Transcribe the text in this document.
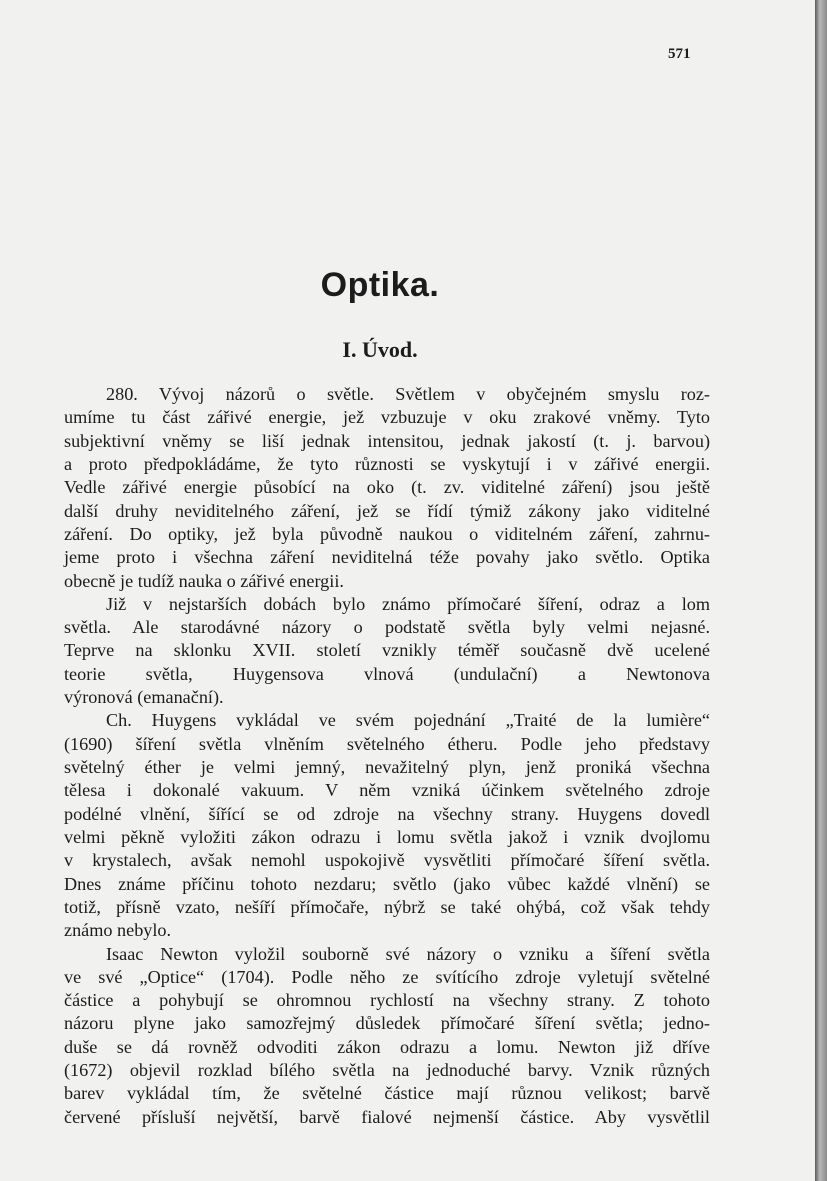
571
Optika.
I. Úvod.
280. Vývoj názorů o světle. Světlem v obyčejném smyslu roz-
umíme tu část zářivé energie, jež vzbuzuje v oku zrakové vněmy. Tyto
subjektivní vněmy se liší jednak intensitou, jednak jakostí (t. j. barvou)
a proto předpokládáme, že tyto různosti se vyskytují i v zářivé energii.
Vedle zářivé energie působící na oko (t. zv. viditelné záření) jsou ještě
další druhy neviditelného záření, jež se řídí týmiž zákony jako viditelné
záření. Do optiky, jež byla původně naukou o viditelném záření, zahrnu-
jeme proto i všechna záření neviditelná téže povahy jako světlo. Optika
obecně je tudíž nauka o zářivé energii.
Již v nejstarších dobách bylo známo přímočaré šíření, odraz a lom
světla. Ale starodávné názory o podstatě světla byly velmi nejasné.
Teprve na sklonku XVII. století vznikly téměř současně dvě ucelené
teorie světla, Huygensova vlnová (undulační) a Newtonova
výronová (emanační).
Ch. Huygens vykládal ve svém pojednání „Traité de la lumière“
(1690) šíření světla vlněním světelného étheru. Podle jeho představy
světelný éther je velmi jemný, nevažitelný plyn, jenž proniká všechna
tělesa i dokonalé vakuum. V něm vzniká účinkem světelného zdroje
podélné vlnění, šířící se od zdroje na všechny strany. Huygens dovedl
velmi pěkně vyložiti zákon odrazu i lomu světla jakož i vznik dvojlomu
v krystalech, avšak nemohl uspokojivě vysvětliti přímočaré šíření světla.
Dnes známe příčinu tohoto nezdaru; světlo (jako vůbec každé vlnění) se
totiž, přísně vzato, nešíří přímočaře, nýbrž se také ohýbá, což však tehdy
známo nebylo.
Isaac Newton vyložil souborně své názory o vzniku a šíření světla
ve své „Optice“ (1704). Podle něho ze svítícího zdroje vyletují světelné
částice a pohybují se ohromnou rychlostí na všechny strany. Z tohoto
názoru plyne jako samozřejmý důsledek přímočaré šíření světla; jedno-
duše se dá rovněž odvoditi zákon odrazu a lomu. Newton již dříve
(1672) objevil rozklad bílého světla na jednoduché barvy. Vznik různých
barev vykládal tím, že světelné částice mají různou velikost; barvě
červené přísluší největší, barvě fialové nejmenší částice. Aby vysvětlil
